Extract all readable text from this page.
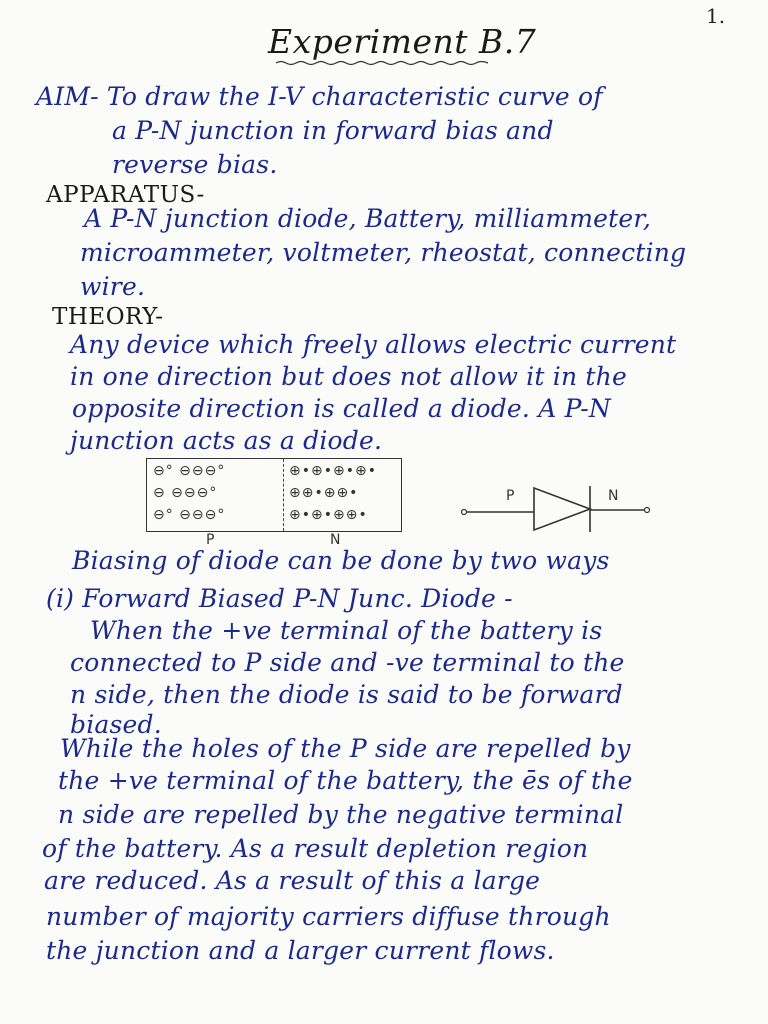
1.
Experiment B.7
AIM- To draw the I-V characteristic curve of
a P-N junction in forward bias and
reverse bias.
APPARATUS-
A P-N junction diode, Battery, milliammeter,
microammeter, voltmeter, rheostat, connecting
wire.
THEORY-
Any device which freely allows electric current
in one direction but does not allow it in the
opposite direction is called a diode. A P-N
junction acts as a diode.
⊖° ⊖⊖⊖°
⊖ ⊖⊖⊖°
⊖° ⊖⊖⊖°
⊕•⊕•⊕•⊕•
⊕⊕•⊕⊕•
⊕•⊕•⊕⊕•
P	N
P	N
Biasing of diode can be done by two ways
(i) Forward Biased P-N Junc. Diode -
When the +ve terminal of the battery is
connected to P side and -ve terminal to the
n side, then the diode is said to be forward
biased.
While the holes of the P side are repelled by
the +ve terminal of the battery, the ēs of the
n side are repelled by the negative terminal
of the battery. As a result depletion region
are reduced. As a result of this a large
number of majority carriers diffuse through
the junction and a larger current flows.
